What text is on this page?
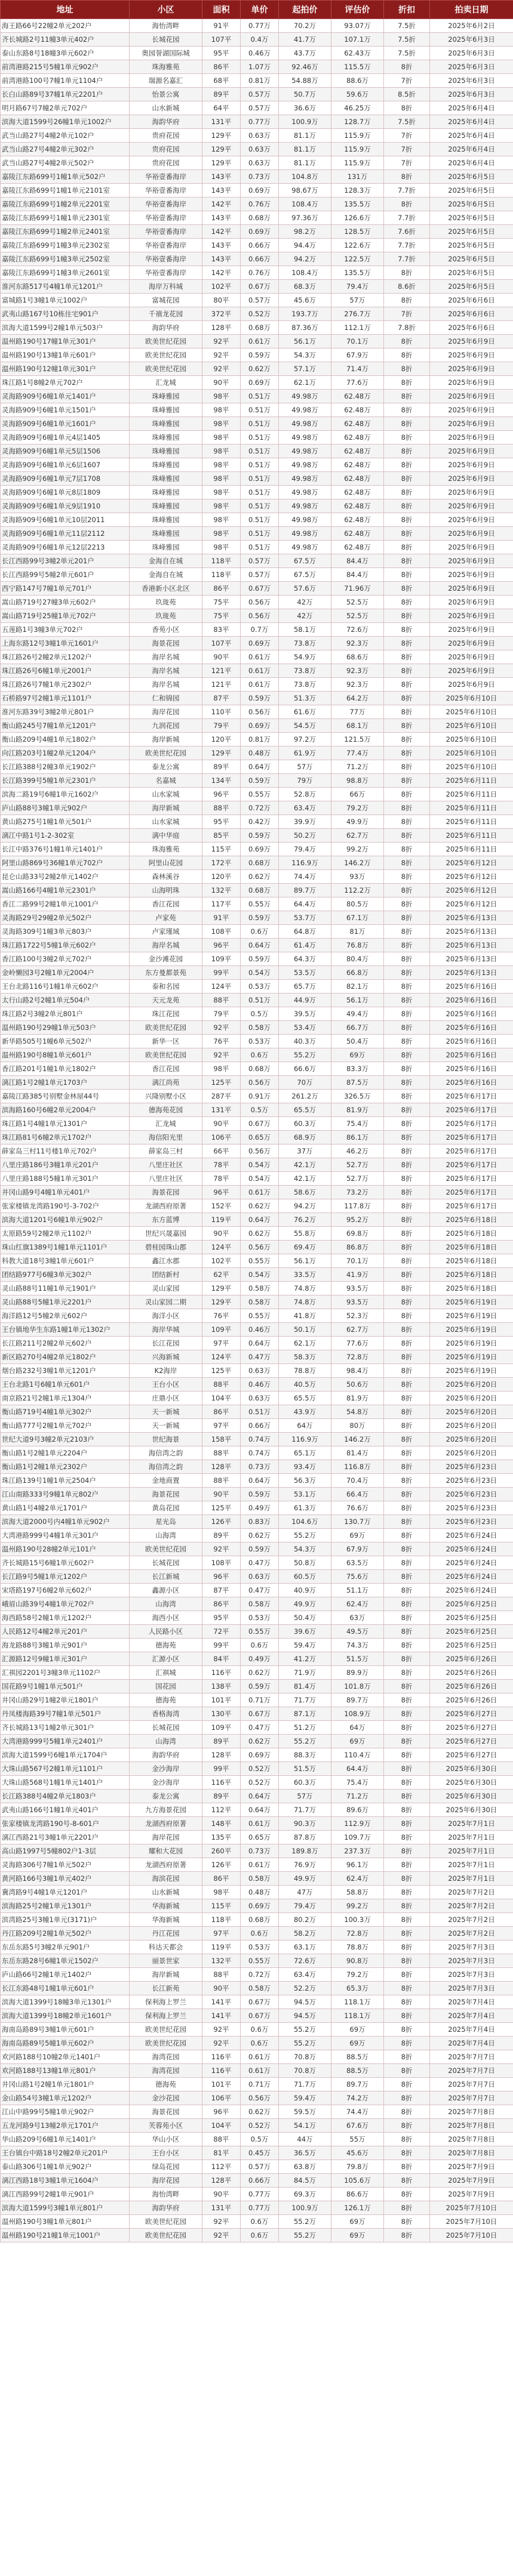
地址	小区	面积	单价	起拍价	评估价	折扣	拍卖日期
海王路66号22幢2单元202户	海怡湾畔	91平	0.77万	70.2万	93.07万	7.5折	2025年6月2日
齐长城路2号11幢3单元402户	长城花园	107平	0.4万	41.7万	107.1万	7.5折	2025年6月3日
泰山东路8号18幢3单元602户	奥园誉湖国际城	95平	0.46万	43.7万	62.43万	7.5折	2025年6月3日
前湾港路215号5幢1单元902户	珠海雅苑	86平	1.07万	92.46万	115.5万	8折	2025年6月3日
前湾港路100号7幢1单元1104户	瑞源名嘉汇	68平	0.81万	54.88万	88.6万	7折	2025年6月3日
长白山路89号37幢1单元2201户	怡景公寓	89平	0.57万	50.7万	59.6万	8.5折	2025年6月3日
明月路67号7幢2单元702户	山水新城	64平	0.57万	36.6万	46.25万	8折	2025年6月4日
滨海大道1599号26幢1单元1002户	海韵华府	131平	0.77万	100.9万	128.7万	7.5折	2025年6月4日
武当山路27号4幢2单元102户	贵府花园	129平	0.63万	81.1万	115.9万	7折	2025年6月4日
武当山路27号4幢2单元302户	贵府花园	129平	0.63万	81.1万	115.9万	7折	2025年6月4日
武当山路27号4幢2单元502户	贵府花园	129平	0.63万	81.1万	115.9万	7折	2025年6月4日
嘉陵江东路699号1幢1单元502户	华裕壹番海岸	143平	0.73万	104.8万	131万	8折	2025年6月5日
嘉陵江东路699号1幢1单元2101室	华裕壹番海岸	143平	0.69万	98.67万	128.3万	7.7折	2025年6月5日
嘉陵江东路699号1幢2单元2201室	华裕壹番海岸	142平	0.76万	108.4万	135.5万	8折	2025年6月5日
嘉陵江东路699号1幢1单元2301室	华裕壹番海岸	143平	0.68万	97.36万	126.6万	7.7折	2025年6月5日
嘉陵江东路699号1幢2单元2401室	华裕壹番海岸	142平	0.69万	98.2万	128.5万	7.6折	2025年6月5日
嘉陵江东路699号1幢3单元2302室	华裕壹番海岸	143平	0.66万	94.4万	122.6万	7.7折	2025年6月5日
嘉陵江东路699号1幢3单元2502室	华裕壹番海岸	143平	0.66万	94.2万	122.5万	7.7折	2025年6月5日
嘉陵江东路699号1幢3单元2601室	华裕壹番海岸	142平	0.76万	108.4万	135.5万	8折	2025年6月5日
淮河东路517号4幢1单元1201户	海岸万科城	102平	0.67万	68.3万	79.4万	8.6折	2025年6月5日
富城路1号3幢1单元1002户	富城花园	80平	0.57万	45.6万	57万	8折	2025年6月6日
武夷山路167号10栋住宅901户	千禧龙花园	372平	0.52万	193.7万	276.7万	7折	2025年6月6日
滨海大道1599号2幢1单元503户	海韵华府	128平	0.68万	87.36万	112.1万	7.8折	2025年6月6日
温州路190号17幢1单元301户	欧美世纪花园	92平	0.61万	56.1万	70.1万	8折	2025年6月9日
温州路190号13幢1单元601户	欧美世纪花园	92平	0.59万	54.3万	67.9万	8折	2025年6月9日
温州路190号12幢1单元301户	欧美世纪花园	92平	0.62万	57.1万	71.4万	8折	2025年6月9日
珠江路1号8幢2单元702户	汇龙城	90平	0.69万	62.1万	77.6万	8折	2025年6月9日
灵海路909号6幢1单元1401户	珠峰雅园	98平	0.51万	49.98万	62.48万	8折	2025年6月9日
灵海路909号6幢1单元1501户	珠峰雅园	98平	0.51万	49.98万	62.48万	8折	2025年6月9日
灵海路909号6幢1单元1601户	珠峰雅园	98平	0.51万	49.98万	62.48万	8折	2025年6月9日
灵海路909号6幢1单元4层1405	珠峰雅园	98平	0.51万	49.98万	62.48万	8折	2025年6月9日
灵海路909号6幢1单元5层1506	珠峰雅园	98平	0.51万	49.98万	62.48万	8折	2025年6月9日
灵海路909号6幢1单元6层1607	珠峰雅园	98平	0.51万	49.98万	62.48万	8折	2025年6月9日
灵海路909号6幢1单元7层1708	珠峰雅园	98平	0.51万	49.98万	62.48万	8折	2025年6月9日
灵海路909号6幢1单元8层1809	珠峰雅园	98平	0.51万	49.98万	62.48万	8折	2025年6月9日
灵海路909号6幢1单元9层1910	珠峰雅园	98平	0.51万	49.98万	62.48万	8折	2025年6月9日
灵海路909号6幢1单元10层2011	珠峰雅园	98平	0.51万	49.98万	62.48万	8折	2025年6月9日
灵海路909号6幢1单元11层2112	珠峰雅园	98平	0.51万	49.98万	62.48万	8折	2025年6月9日
灵海路909号6幢1单元12层2213	珠峰雅园	98平	0.51万	49.98万	62.48万	8折	2025年6月9日
长江西路99号3幢2单元201户	金海自在城	118平	0.57万	67.5万	84.4万	8折	2025年6月9日
长江西路99号5幢2单元601户	金海自在城	118平	0.57万	67.5万	84.4万	8折	2025年6月9日
西宁路147号7幢1单元701户	香港新小区北区	86平	0.67万	57.6万	71.96万	8折	2025年6月9日
嵩山路719号27幢3单元602户	玖珑苑	75平	0.56万	42万	52.5万	8折	2025年6月9日
嵩山路719号25幢1单元702户	玖珑苑	75平	0.56万	42万	52.5万	8折	2025年6月9日
五莲路1号3幢3单元702户	香苑小区	83平	0.7万	58.1万	72.6万	8折	2025年6月9日
上海东路12号3幢1单元1601户	海景花园	107平	0.69万	73.8万	92.3万	8折	2025年6月9日
珠江路26号2幢2单元1202户	海岸名城	90平	0.61万	54.9万	68.6万	8折	2025年6月9日
珠江路26号6幢1单元2001户	海岸名城	121平	0.61万	73.8万	92.3万	8折	2025年6月9日
珠江路26号7幢1单元2302户	海岸名城	121平	0.61万	73.8万	92.3万	8折	2025年6月9日
石桥路97号2幢1单元1101户	仁和锦园	87平	0.59万	51.3万	64.2万	8折	2025年6月10日
淮河东路39号3幢2单元801户	海岸花园	110平	0.56万	61.6万	77万	8折	2025年6月10日
衡山路245号7幢1单元1201户	九润花园	79平	0.69万	54.5万	68.1万	8折	2025年6月10日
衡山路209号4幢1单元1802户	海岸新城	120平	0.81万	97.2万	121.5万	8折	2025年6月10日
向江路203号1幢2单元1204户	欧美世纪花园	129平	0.48万	61.9万	77.4万	8折	2025年6月10日
长江路388号2幢3单元1902户	泰龙公寓	89平	0.64万	57万	71.2万	8折	2025年6月10日
长江路399号5幢1单元2301户	名嘉城	134平	0.59万	79万	98.8万	8折	2025年6月11日
滨海二路19号6幢1单元1602户	山水家城	96平	0.55万	52.8万	66万	8折	2025年6月11日
庐山路88号3幢1单元902户	海岸新城	88平	0.72万	63.4万	79.2万	8折	2025年6月11日
黄山路275号1幢1单元501户	山水家城	95平	0.42万	39.9万	49.9万	8折	2025年6月11日
漓江中路1号1-2-302室	漓中华庭	85平	0.59万	50.2万	62.7万	8折	2025年6月11日
长江中路376号1幢1单元1401户	珠海雅苑	115平	0.69万	79.4万	99.2万	8折	2025年6月11日
阿里山路869号36幢1单元702户	阿里山花园	172平	0.68万	116.9万	146.2万	8折	2025年6月12日
昆仑山路33号2幢2单元1402户	森林溪谷	120平	0.62万	74.4万	93万	8折	2025年6月12日
嵩山路166号4幢1单元2301户	山海明珠	132平	0.68万	89.7万	112.2万	8折	2025年6月12日
香江二路99号2幢1单元1001户	香江花园	117平	0.55万	64.4万	80.5万	8折	2025年6月12日
灵海路29号29幢2单元502户	卢家苑	91平	0.59万	53.7万	67.1万	8折	2025年6月13日
灵海路309号1幢3单元803户	卢家瑾域	108平	0.6万	64.8万	81万	8折	2025年6月13日
珠江路1722号5幢1单元602户	海岸名城	96平	0.64万	61.4万	76.8万	8折	2025年6月13日
香江路100号3幢2单元702户	金沙滩花园	109平	0.59万	64.3万	80.4万	8折	2025年6月13日
金岭懒园3号2幢1单元2004户	东方曼都景苑	99平	0.54万	53.5万	66.8万	8折	2025年6月13日
王台北路116号1幢1单元602户	泰和名园	124平	0.53万	65.7万	82.1万	8折	2025年6月16日
太行山路2号2幢1单元504户	天元龙苑	88平	0.51万	44.9万	56.1万	8折	2025年6月16日
珠江路2号3幢2单元801户	珠江花园	79平	0.5万	39.5万	49.4万	8折	2025年6月16日
温州路190号29幢1单元503户	欧美世纪花园	92平	0.58万	53.4万	66.7万	8折	2025年6月16日
新华路505号1幢6单元502户	新华一区	76平	0.53万	40.3万	50.4万	8折	2025年6月16日
温州路190号8幢1单元601户	欧美世纪花园	92平	0.6万	55.2万	69万	8折	2025年6月16日
香江路201号1幢1单元1802户	香江花园	98平	0.68万	66.6万	83.3万	8折	2025年6月16日
漓江路1号2幢1单元1703户	漓江尚苑	125平	0.56万	70万	87.5万	8折	2025年6月16日
嘉陵江路385号别墅金林屋44号	兴隆别墅小区	287平	0.91万	261.2万	326.5万	8折	2025年6月17日
滨海路160号6幢2单元2004户	德海苑花园	131平	0.5万	65.5万	81.9万	8折	2025年6月17日
珠江路1号4幢1单元1301户	汇龙城	90平	0.67万	60.3万	75.4万	8折	2025年6月17日
珠江路81号6幢2单元1702户	海信阳光里	106平	0.65万	68.9万	86.1万	8折	2025年6月17日
薛家岛三村11号楼1单元702户	薛家岛三村	66平	0.56万	37万	46.2万	8折	2025年6月17日
八里庄路186号3幢1单元201户	八里庄社区	78平	0.54万	42.1万	52.7万	8折	2025年6月17日
八里庄路188号5幢1单元301户	八里庄社区	78平	0.54万	42.1万	52.7万	8折	2025年6月17日
井冈山路9号4幢1单元401户	海景花园	96平	0.61万	58.6万	73.2万	8折	2025年6月17日
张家楼镇龙湾路190号-3-702户	龙湖西府原著	152平	0.62万	94.2万	117.8万	8折	2025年6月17日
滨海大道1201号6幢1单元902户	东方蓝博	119平	0.64万	76.2万	95.2万	8折	2025年6月18日
太原路59号2幢2单元1102户	世纪兴晟嘉园	90平	0.62万	55.8万	69.8万	8折	2025年6月18日
珠山红旗1389号1幢1单元1101户	碧桂园珠山郡	124平	0.56万	69.4万	86.8万	8折	2025年6月18日
科教大道18号3幢1单元601户	鑫江水郡	102平	0.55万	56.1万	70.1万	8折	2025年6月18日
团结路977号6幢3单元302户	团结新村	62平	0.54万	33.5万	41.9万	8折	2025年6月18日
灵山路88号11幢1单元1901户	灵山家园	129平	0.58万	74.8万	93.5万	8折	2025年6月18日
灵山路88号5幢1单元2201户	灵山家园二期	129平	0.58万	74.8万	93.5万	8折	2025年6月19日
海洋路12号5幢2单元602户	海洋小区	76平	0.55万	41.8万	52.3万	8折	2025年6月19日
王台镇地华生东路1幢1单元1302户	海岸华城	109平	0.46万	50.1万	62.7万	8折	2025年6月19日
长江路211号2幢2单元602户	长江花园	97平	0.64万	62.1万	77.6万	8折	2025年6月19日
新区路270号4幢2单元1802户	兴海新城	124平	0.47万	58.3万	72.8万	8折	2025年6月19日
烟台路232号3幢1单元1201户	K2海岸	125平	0.63万	78.8万	98.4万	8折	2025年6月19日
王台北路1号6幢1单元601户	王台小区	88平	0.46万	40.5万	50.6万	8折	2025年6月20日
南京路21号2幢1单元1304户	庄鼎小区	104平	0.63万	65.5万	81.9万	8折	2025年6月20日
衡山路719号4幢1单元302户	天一新城	86平	0.51万	43.9万	54.8万	8折	2025年6月20日
衡山路777号2幢1单元702户	天一新城	97平	0.66万	64万	80万	8折	2025年6月20日
世纪大道9号3幢2单元2103户	世纪海景	158平	0.74万	116.9万	146.2万	8折	2025年6月20日
衡山路1号2幢1单元2204户	海信湾之韵	88平	0.74万	65.1万	81.4万	8折	2025年6月20日
衡山路1号2幢1单元2302户	海信湾之韵	128平	0.73万	93.4万	116.8万	8折	2025年6月23日
珠江路139号1幢1单元2504户	金地商置	88平	0.64万	56.3万	70.4万	8折	2025年6月23日
江山南路333号9幢1单元802户	海景花园	90平	0.59万	53.1万	66.4万	8折	2025年6月23日
黄山路1号4幢2单元1701户	黄岛花园	125平	0.49万	61.3万	76.6万	8折	2025年6月23日
滨海大道2000号内4幢1单元902户	星光岛	126平	0.83万	104.6万	130.7万	8折	2025年6月23日
大湾港路999号4幢1单元301户	山海湾	89平	0.62万	55.2万	69万	8折	2025年6月24日
温州路190号28幢2单元101户	欧美世纪花园	92平	0.59万	54.3万	67.9万	8折	2025年6月24日
齐长城路15号6幢1单元602户	长城花园	108平	0.47万	50.8万	63.5万	8折	2025年6月24日
长江路9号5幢1单元1202户	长江新城	96平	0.63万	60.5万	75.6万	8折	2025年6月24日
宋塔路197号6幢2单元602户	鑫源小区	87平	0.47万	40.9万	51.1万	8折	2025年6月24日
峨眉山路39号4幢1单元702户	山海湾	86平	0.58万	49.9万	62.4万	8折	2025年6月25日
海西路58号2幢1单元1202户	海西小区	95平	0.53万	50.4万	63万	8折	2025年6月25日
人民路12号4幢2单元201户	人民路小区	72平	0.55万	39.6万	49.5万	8折	2025年6月25日
海龙路88号3幢1单元901户	德海苑	99平	0.6万	59.4万	74.3万	8折	2025年6月25日
汇源路12号9幢1单元301户	汇源小区	84平	0.49万	41.2万	51.5万	8折	2025年6月26日
汇祺园2201号3幢3单元1102户	汇祺城	116平	0.62万	71.9万	89.9万	8折	2025年6月26日
国花路9号1幢1单元501户	国花园	138平	0.59万	81.4万	101.8万	8折	2025年6月26日
井冈山路29号1幢2单元1801户	德海苑	101平	0.71万	71.7万	89.7万	8折	2025年6月26日
丹凤楼海路39号7幢1单元501户	香格海湾	130平	0.67万	87.1万	108.9万	8折	2025年6月27日
齐长城路13号1幢2单元301户	长城花园	109平	0.47万	51.2万	64万	8折	2025年6月27日
大湾港路999号5幢1单元2401户	山海湾	89平	0.62万	55.2万	69万	8折	2025年6月27日
滨海大道1599号6幢1单元1704户	海韵华府	128平	0.69万	88.3万	110.4万	8折	2025年6月27日
大珠山路567号2幢1单元1101户	金沙海岸	99平	0.52万	51.5万	64.4万	8折	2025年6月30日
大珠山路568号1幢1单元1401户	金沙海岸	116平	0.52万	60.3万	75.4万	8折	2025年6月30日
长江路388号4幢2单元1803户	泰龙公寓	89平	0.64万	57万	71.2万	8折	2025年6月30日
武夷山路166号1幢1单元401户	九方海景花园	112平	0.64万	71.7万	89.6万	8折	2025年6月30日
张家楼镇龙湾路190号-8-601户	龙湖西府原著	148平	0.61万	90.3万	112.9万	8折	2025年7月1日
漓江西路21号3幢1单元2201户	海岸花园	135平	0.65万	87.8万	109.7万	8折	2025年7月1日
高山路1997号5幢802户1-3层	耀和大花园	260平	0.73万	189.8万	237.3万	8折	2025年7月1日
灵海路306号7幢1单元502户	龙湖西府原著	126平	0.61万	76.9万	96.1万	8折	2025年7月1日
黄河路166号3幢1单元402户	海滨花园	86平	0.58万	49.9万	62.4万	8折	2025年7月1日
冀湾路9号4幢1单元1201户	山水新城	98平	0.48万	47万	58.8万	8折	2025年7月2日
滨海路25号2幢1单元1301户	华海新城	115平	0.69万	79.4万	99.2万	8折	2025年7月2日
滨湾路25号3幢1单元(3171)户	华海新城	118平	0.68万	80.2万	100.3万	8折	2025年7月2日
丹江路209号2幢1单元502户	丹江花园	97平	0.6万	58.2万	72.8万	8折	2025年7月2日
东岳东路5号3幢2单元901户	科达天都会	119平	0.53万	63.1万	78.8万	8折	2025年7月3日
东岳东路28号6幢1单元1502户	丽景世家	132平	0.55万	72.6万	90.8万	8折	2025年7月3日
庐山路66号2幢1单元1402户	海岸新城	88平	0.72万	63.4万	79.2万	8折	2025年7月3日
长江东路48号1幢1单元601户	长江新苑	90平	0.58万	52.2万	65.3万	8折	2025年7月3日
滨海大道1399号18幢3单元1301户	保利海上罗兰	141平	0.67万	94.5万	118.1万	8折	2025年7月4日
滨海大道1399号18幢2单元1601户	保利海上罗兰	141平	0.67万	94.5万	118.1万	8折	2025年7月4日
海南岛路89号3幢1单元601户	欧美世纪花园	92平	0.6万	55.2万	69万	8折	2025年7月4日
海南岛路89号5幢1单元602户	欧美世纪花园	92平	0.6万	55.2万	69万	8折	2025年7月4日
欢河路188号10幢2单元1401户	海湾花园	116平	0.61万	70.8万	88.5万	8折	2025年7月7日
欢河路188号13幢1单元801户	海湾花园	116平	0.61万	70.8万	88.5万	8折	2025年7月7日
井冈山路1号2幢1单元1801户	德海苑	101平	0.71万	71.7万	89.7万	8折	2025年7月7日
金山路54号3幢1单元1202户	金沙花园	106平	0.56万	59.4万	74.2万	8折	2025年7月7日
江山中路99号5幢1单元902户	海景花园	96平	0.62万	59.5万	74.4万	8折	2025年7月8日
五龙河路9号13幢2单元1701户	芙蓉苑小区	104平	0.52万	54.1万	67.6万	8折	2025年7月8日
华山路209号6幢1单元1401户	华山小区	88平	0.5万	44万	55万	8折	2025年7月8日
王台镇台中路18号2幢2单元201户	王台小区	81平	0.45万	36.5万	45.6万	8折	2025年7月8日
泰山路306号1幢1单元902户	绿岛花园	112平	0.57万	63.8万	79.8万	8折	2025年7月9日
漓江西路18号3幢1单元1604户	海岸花园	128平	0.66万	84.5万	105.6万	8折	2025年7月9日
漓江西路99号2幢1单元901户	海怡湾畔	90平	0.77万	69.3万	86.6万	8折	2025年7月9日
滨海大道1599号3幢1单元801户	海韵华府	131平	0.77万	100.9万	126.1万	8折	2025年7月10日
温州路190号3幢1单元801户	欧美世纪花园	92平	0.6万	55.2万	69万	8折	2025年7月10日
温州路190号21幢1单元1001户	欧美世纪花园	92平	0.6万	55.2万	69万	8折	2025年7月10日
